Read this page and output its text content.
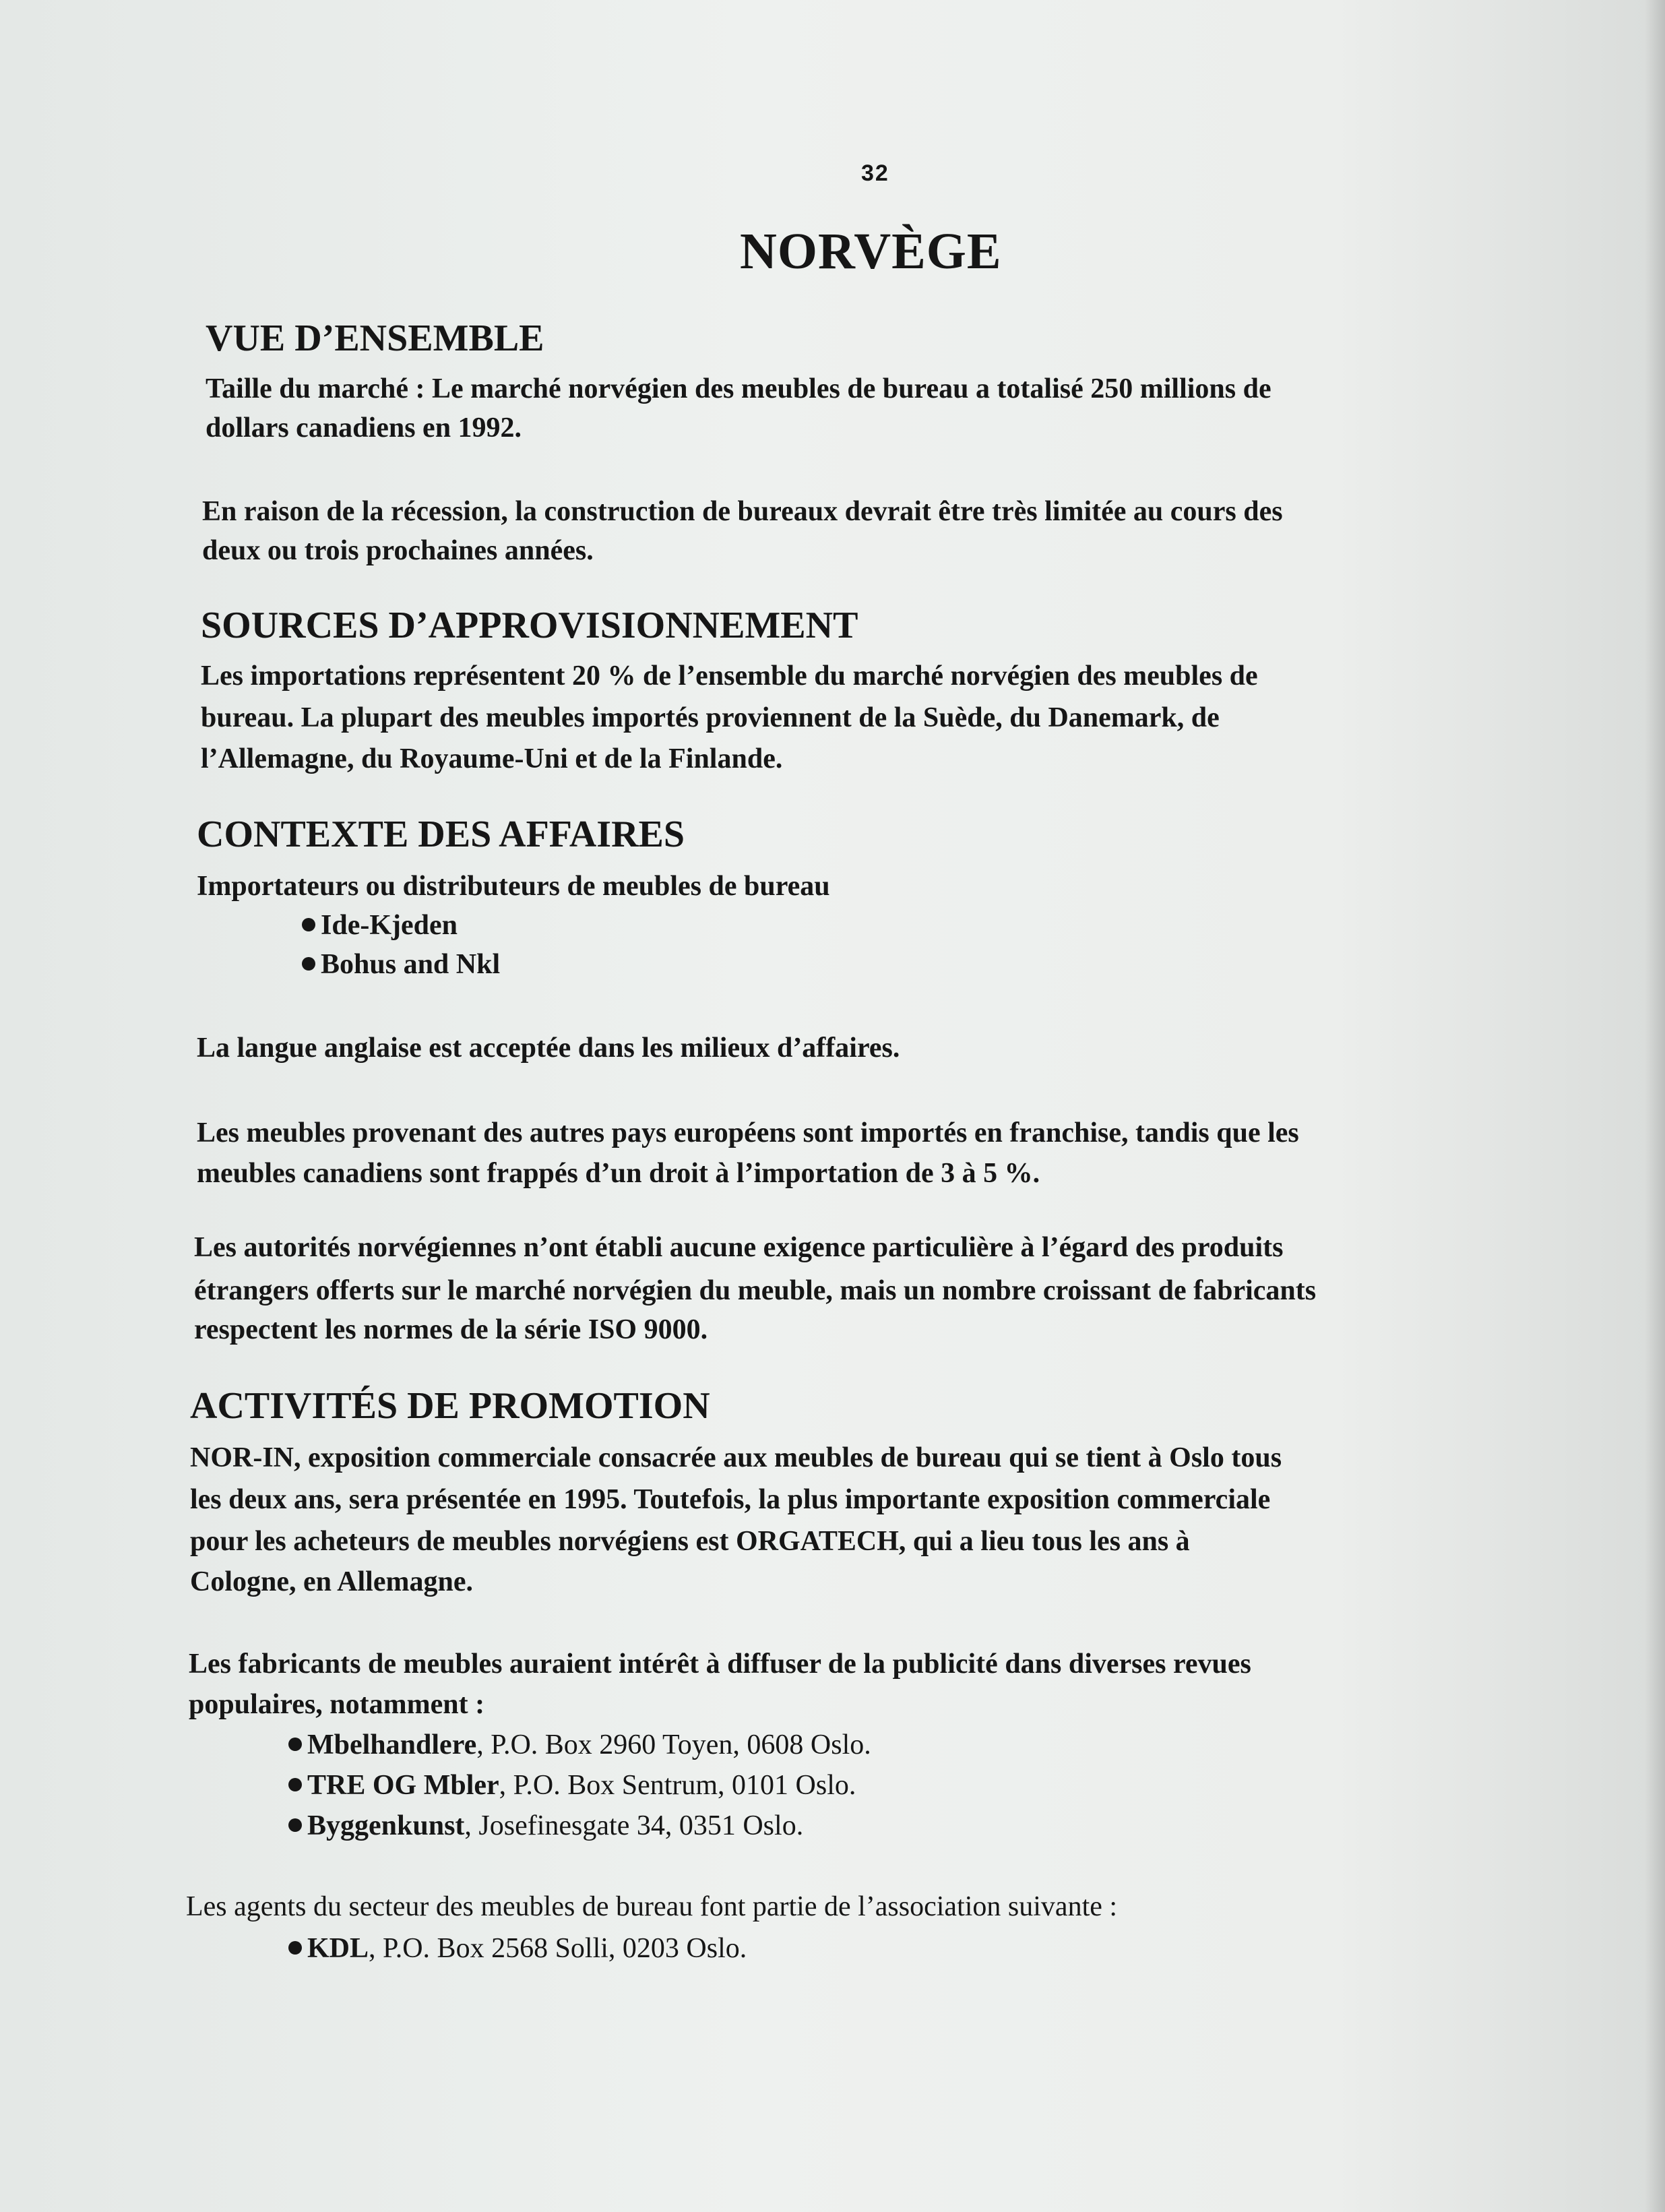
32
NORVÈGE
VUE D’ENSEMBLE
Taille du marché : Le marché norvégien des meubles de bureau a totalisé 250 millions de
dollars canadiens en 1992.
En raison de la récession, la construction de bureaux devrait être très limitée au cours des
deux ou trois prochaines années.
SOURCES D’APPROVISIONNEMENT
Les importations représentent 20 % de l’ensemble du marché norvégien des meubles de
bureau. La plupart des meubles importés proviennent de la Suède, du Danemark, de
l’Allemagne, du Royaume-Uni et de la Finlande.
CONTEXTE DES AFFAIRES
Importateurs ou distributeurs de meubles de bureau
Ide-Kjeden
Bohus and Nkl
La langue anglaise est acceptée dans les milieux d’affaires.
Les meubles provenant des autres pays européens sont importés en franchise, tandis que les
meubles canadiens sont frappés d’un droit à l’importation de 3 à 5 %.
Les autorités norvégiennes n’ont établi aucune exigence particulière à l’égard des produits
étrangers offerts sur le marché norvégien du meuble, mais un nombre croissant de fabricants
respectent les normes de la série ISO 9000.
ACTIVITÉS DE PROMOTION
NOR-IN, exposition commerciale consacrée aux meubles de bureau qui se tient à Oslo tous
les deux ans, sera présentée en 1995. Toutefois, la plus importante exposition commerciale
pour les acheteurs de meubles norvégiens est ORGATECH, qui a lieu tous les ans à
Cologne, en Allemagne.
Les fabricants de meubles auraient intérêt à diffuser de la publicité dans diverses revues
populaires, notamment :
Mbelhandlere, P.O. Box 2960 Toyen, 0608 Oslo.
TRE OG Mbler, P.O. Box Sentrum, 0101 Oslo.
Byggenkunst, Josefinesgate 34, 0351 Oslo.
Les agents du secteur des meubles de bureau font partie de l’association suivante :
KDL, P.O. Box 2568 Solli, 0203 Oslo.
